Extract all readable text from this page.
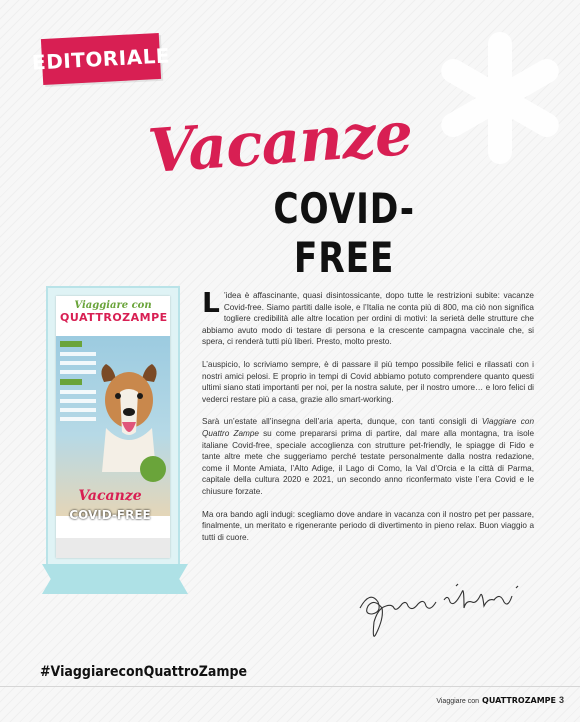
EDITORIALE
Vacanze
COVID-FREE
Viaggiare con
QUATTROZAMPE

Vacanze
COVID-FREE

L ’idea è affascinante, quasi disintossicante, dopo tutte le restrizioni subite: vacanze Covid-free. Siamo partiti dalle isole, e l’Italia ne conta più di 800, ma ciò non significa togliere credibilità alle altre location per ordini di motivi: la serietà delle strutture che abbiamo avuto modo di testare di persona e la crescente campagna vaccinale che, si spera, ci renderà tutti più liberi. Presto, molto presto.

L’auspicio, lo scriviamo sempre, è di passare il più tempo possibile felici e rilassati con i nostri amici pelosi. E proprio in tempi di Covid abbiamo potuto comprendere quanto questi ultimi siano stati importanti per noi, per la nostra salute, per il nostro umore… e loro felici di vederci restare più a casa, grazie allo smart-working.

Sarà un’estate all’insegna dell’aria aperta, dunque, con tanti consigli di Viaggiare con Quattro Zampe su come prepararsi prima di partire, dal mare alla montagna, tra isole italiane Covid-free, speciale accoglienza con strutture pet-friendly, le spiagge di Fido e tante altre mete che suggeriamo perché testate personalmente dalla nostra redazione, come il Monte Amiata, l’Alto Adige, il Lago di Como, la Val d’Orcia e la città di Parma, capitale della cultura 2020 e 2021, un secondo anno riconfermato viste l’era Covid e le chiusure forzate.

Ma ora bando agli indugi: scegliamo dove andare in vacanza con il nostro pet per passare, finalmente, un meritato e rigenerante periodo di divertimento in pieno relax. Buon viaggio a tutti di cuore.

#ViaggiareconQuattroZampe
Viaggiare con QUATTROZAMPE 3
